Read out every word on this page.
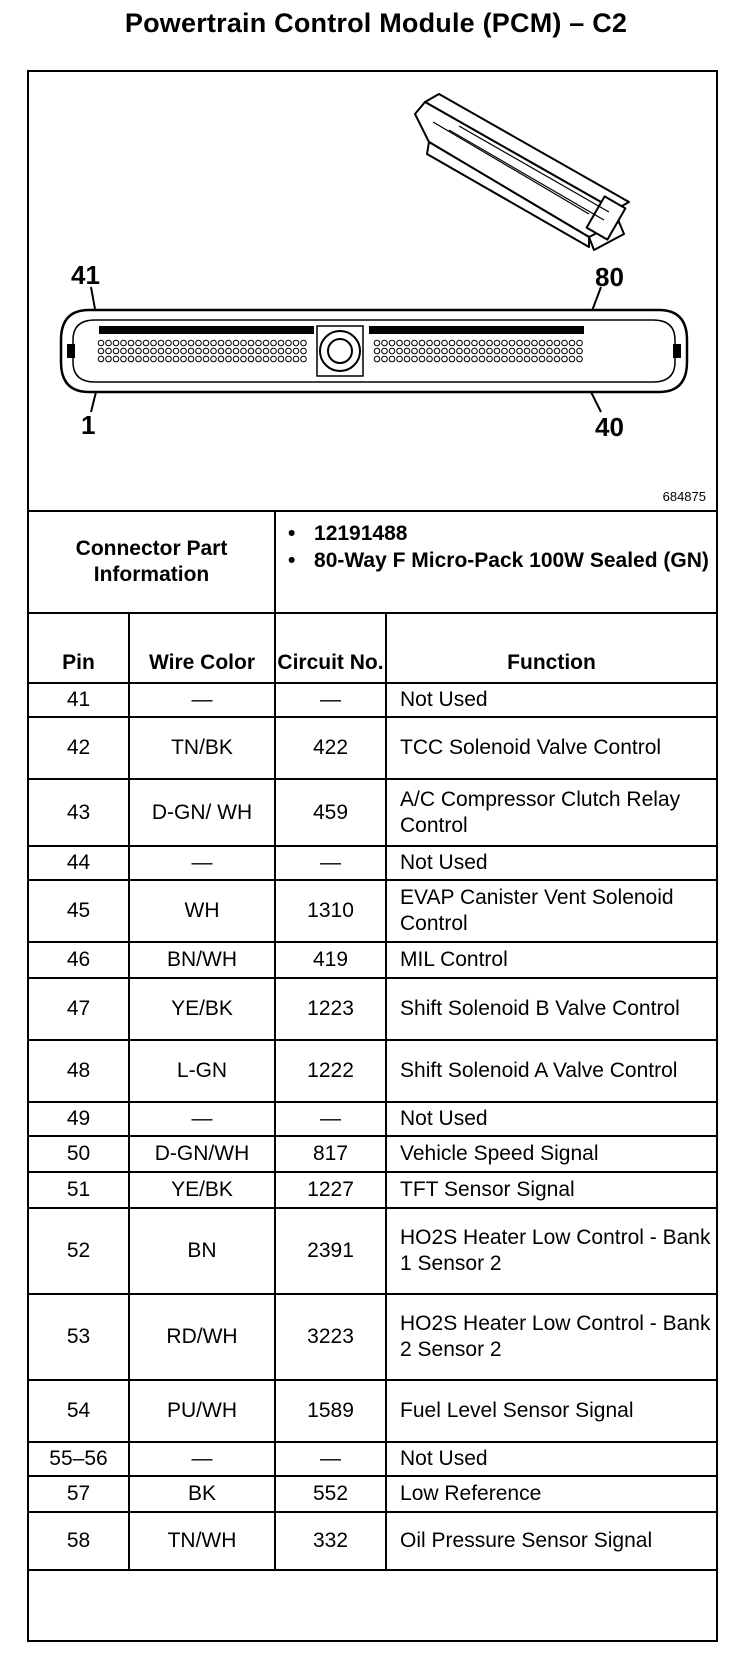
Powertrain Control Module (PCM) – C2
41	80
1	40
684875
Connector Part Information		• 12191488
• 80-Way F Micro-Pack 100W Sealed (GN)

Pin	Wire Color	Circuit No.	Function
41	—	—	Not Used
42	TN/BK	422	TCC Solenoid Valve Control
43	D-GN/ WH	459	A/C Compressor Clutch Relay Control
44	—	—	Not Used
45	WH	1310	EVAP Canister Vent Solenoid Control
46	BN/WH	419	MIL Control
47	YE/BK	1223	Shift Solenoid B Valve Control
48	L-GN	1222	Shift Solenoid A Valve Control
49	—	—	Not Used
50	D-GN/WH	817	Vehicle Speed Signal
51	YE/BK	1227	TFT Sensor Signal
52	BN	2391	HO2S Heater Low Control - Bank 1 Sensor 2
53	RD/WH	3223	HO2S Heater Low Control - Bank 2 Sensor 2
54	PU/WH	1589	Fuel Level Sensor Signal
55–56	—	—	Not Used
57	BK	552	Low Reference
58	TN/WH	332	Oil Pressure Sensor Signal
